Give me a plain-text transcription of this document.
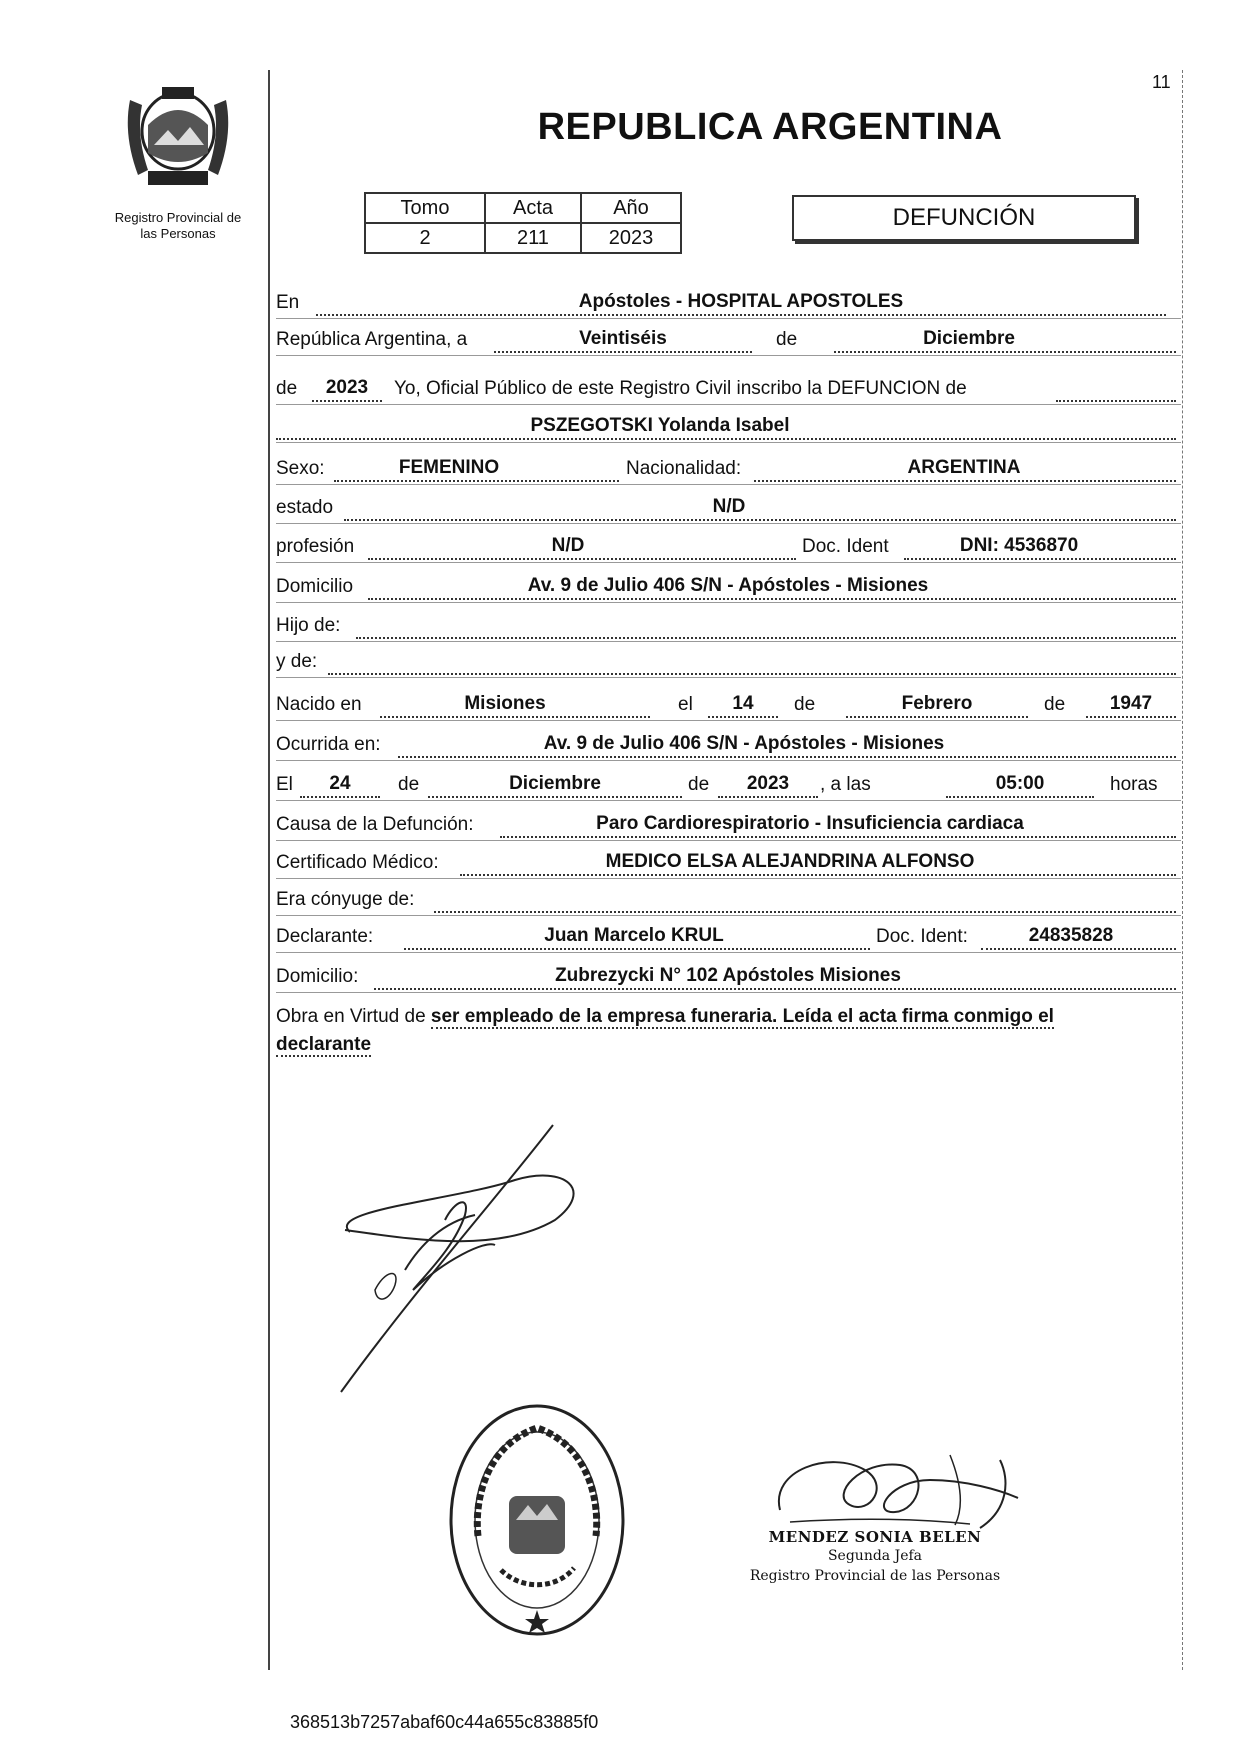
11
Registro Provincial de
las Personas
REPUBLICA ARGENTINA
Tomo	Acta	Año
2	211	2023
DEFUNCIÓN
En	Apóstoles - HOSPITAL APOSTOLES
República Argentina, a	Veintiséis	de	Diciembre
de	2023	Yo, Oficial Público de este Registro Civil inscribo la DEFUNCION de
PSZEGOTSKI Yolanda Isabel
Sexo:	FEMENINO	Nacionalidad:	ARGENTINA
estado	N/D
profesión	N/D	Doc. Ident	DNI: 4536870
Domicilio	Av. 9 de Julio 406 S/N - Apóstoles - Misiones
Hijo de:
y de:
Nacido en	Misiones	el	14	de	Febrero	de	1947
Ocurrida en:	Av. 9 de Julio 406 S/N - Apóstoles - Misiones
El	24	de	Diciembre	de	2023	, a las	05:00	horas
Causa de la Defunción:	Paro Cardiorespiratorio - Insuficiencia cardiaca
Certificado Médico:	MEDICO ELSA ALEJANDRINA ALFONSO
Era cónyuge de:
Declarante:	Juan Marcelo KRUL	Doc. Ident:	24835828
Domicilio:	Zubrezycki N° 102 Apóstoles Misiones
Obra en Virtud de ser empleado de la empresa funeraria. Leída el acta firma conmigo el
declarante
MENDEZ SONIA BELEN
Segunda Jefa
Registro Provincial de las Personas
368513b7257abaf60c44a655c83885f0
